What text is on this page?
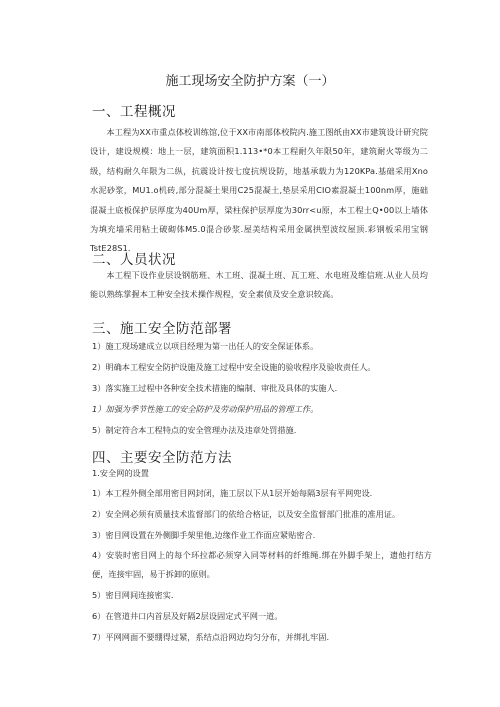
施工现场安全防护方案（一）
一、工程概况
本工程为XX市重点体校训练馆,位于XX市南部体校院内.施工图纸由XX市建筑设计研究院设计，建设规模：地上一层，建筑面积1.113•*0本工程耐久年限50年，建筑耐火等级为二级，结构耐久年限为二纵，抗震设计按七度抗规设防，地基承载力为120KPa.基础采用Xno水泥砂浆，MU1.o机砖,部分混凝土果用C25混凝土,垫层采用CIO素混凝土100nm厚，施础混凝土底板保护层厚度为40Um厚，梁柱保护层厚度为30rr<u原，本工程土Q•00以上墙体为填充墙采用粘土破砌体M5.0混合砂浆.屋美结构采用金属拱型波纹屋顶.彩钢板采用宝钢TstE28S1.
二、人员状况
本工程下设作业层设钢筋班、木工班、混凝土班、瓦工班、水电班及维信班.从业人员均能以熟练掌握本工种安全技术操作规程，安全素侦及安全意识较高。
三、施工安全防范部署
1）施工现场建成立以项目经理为第一出任人的安全保证体系。
2）明确本工程安全防护设施及施工过程中安全设施的验收程序及验收责任人。
3）落实施工过程中各种安全技术措施的编制、审批及具体的实施人.
1）加强为季节性施工的安全防护及劳动保护用品的管理工作。
5）制定符合本工程特点的安全管理办法及违章处罚措施.
四、主要安全防范方法
1.安全网的设置
1）本工程外侧全部用密目网封闭，施工层以下从1层开始每隔3层有平网兜设.
2）安全网必须有质量技术监督部门的依给合格证，以及安全监督部门批准的准用证。
3）密目网设置在外侧脚手架里他,边缘作业工作面应紧贴密合.
4）安装时密目网上的每个环拉都必须穿入同等材料的纤维绳.绑在外脚手架上，遗他打结方便，连接牢固，易于拆卸的原则。
5）密目网间连接密实.
6）在管道井口内首层及好隔2层设固定式平网一道。
7）平网网面不要绷得过紧，系结点沿网边均匀分布，并绑扎牢固.
